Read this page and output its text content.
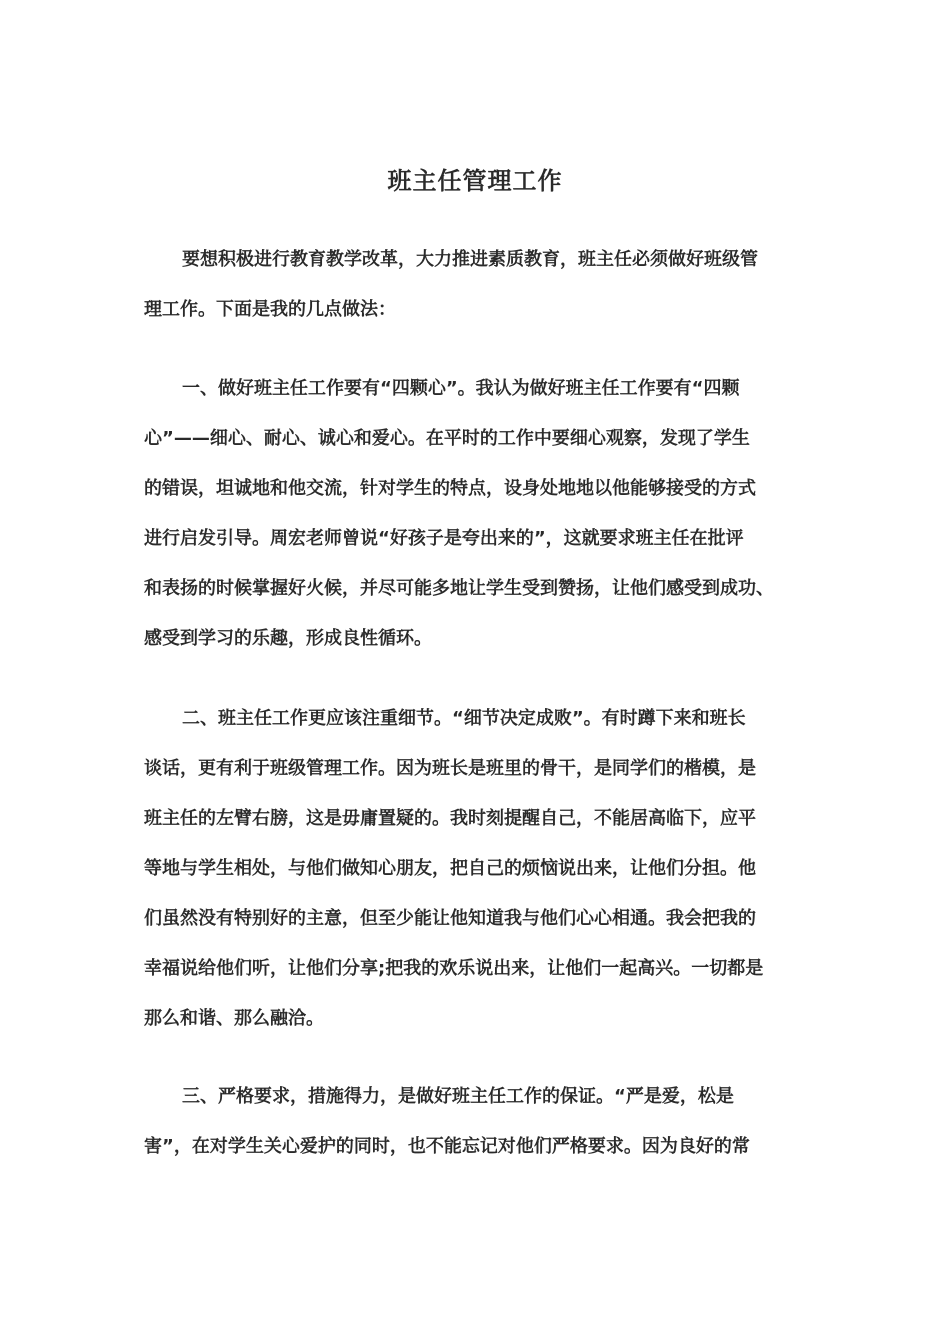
班主任管理工作

要想积极进行教育教学改革，大力推进素质教育，班主任必须做好班级管

理工作。下面是我的几点做法：

一、做好班主任工作要有“四颗心”。我认为做好班主任工作要有“四颗

心”——细心、耐心、诚心和爱心。在平时的工作中要细心观察，发现了学生

的错误，坦诚地和他交流，针对学生的特点，设身处地地以他能够接受的方式

进行启发引导。周宏老师曾说“好孩子是夸出来的”，这就要求班主任在批评

和表扬的时候掌握好火候，并尽可能多地让学生受到赞扬，让他们感受到成功、

感受到学习的乐趣，形成良性循环。

二、班主任工作更应该注重细节。“细节决定成败”。有时蹲下来和班长

谈话，更有利于班级管理工作。因为班长是班里的骨干，是同学们的楷模，是

班主任的左臂右膀，这是毋庸置疑的。我时刻提醒自己，不能居高临下，应平

等地与学生相处，与他们做知心朋友，把自己的烦恼说出来，让他们分担。他

们虽然没有特别好的主意，但至少能让他知道我与他们心心相通。我会把我的

幸福说给他们听，让他们分享;把我的欢乐说出来，让他们一起高兴。一切都是

那么和谐、那么融洽。

三、严格要求，措施得力，是做好班主任工作的保证。“严是爱，松是

害”，在对学生关心爱护的同时，也不能忘记对他们严格要求。因为良好的常
